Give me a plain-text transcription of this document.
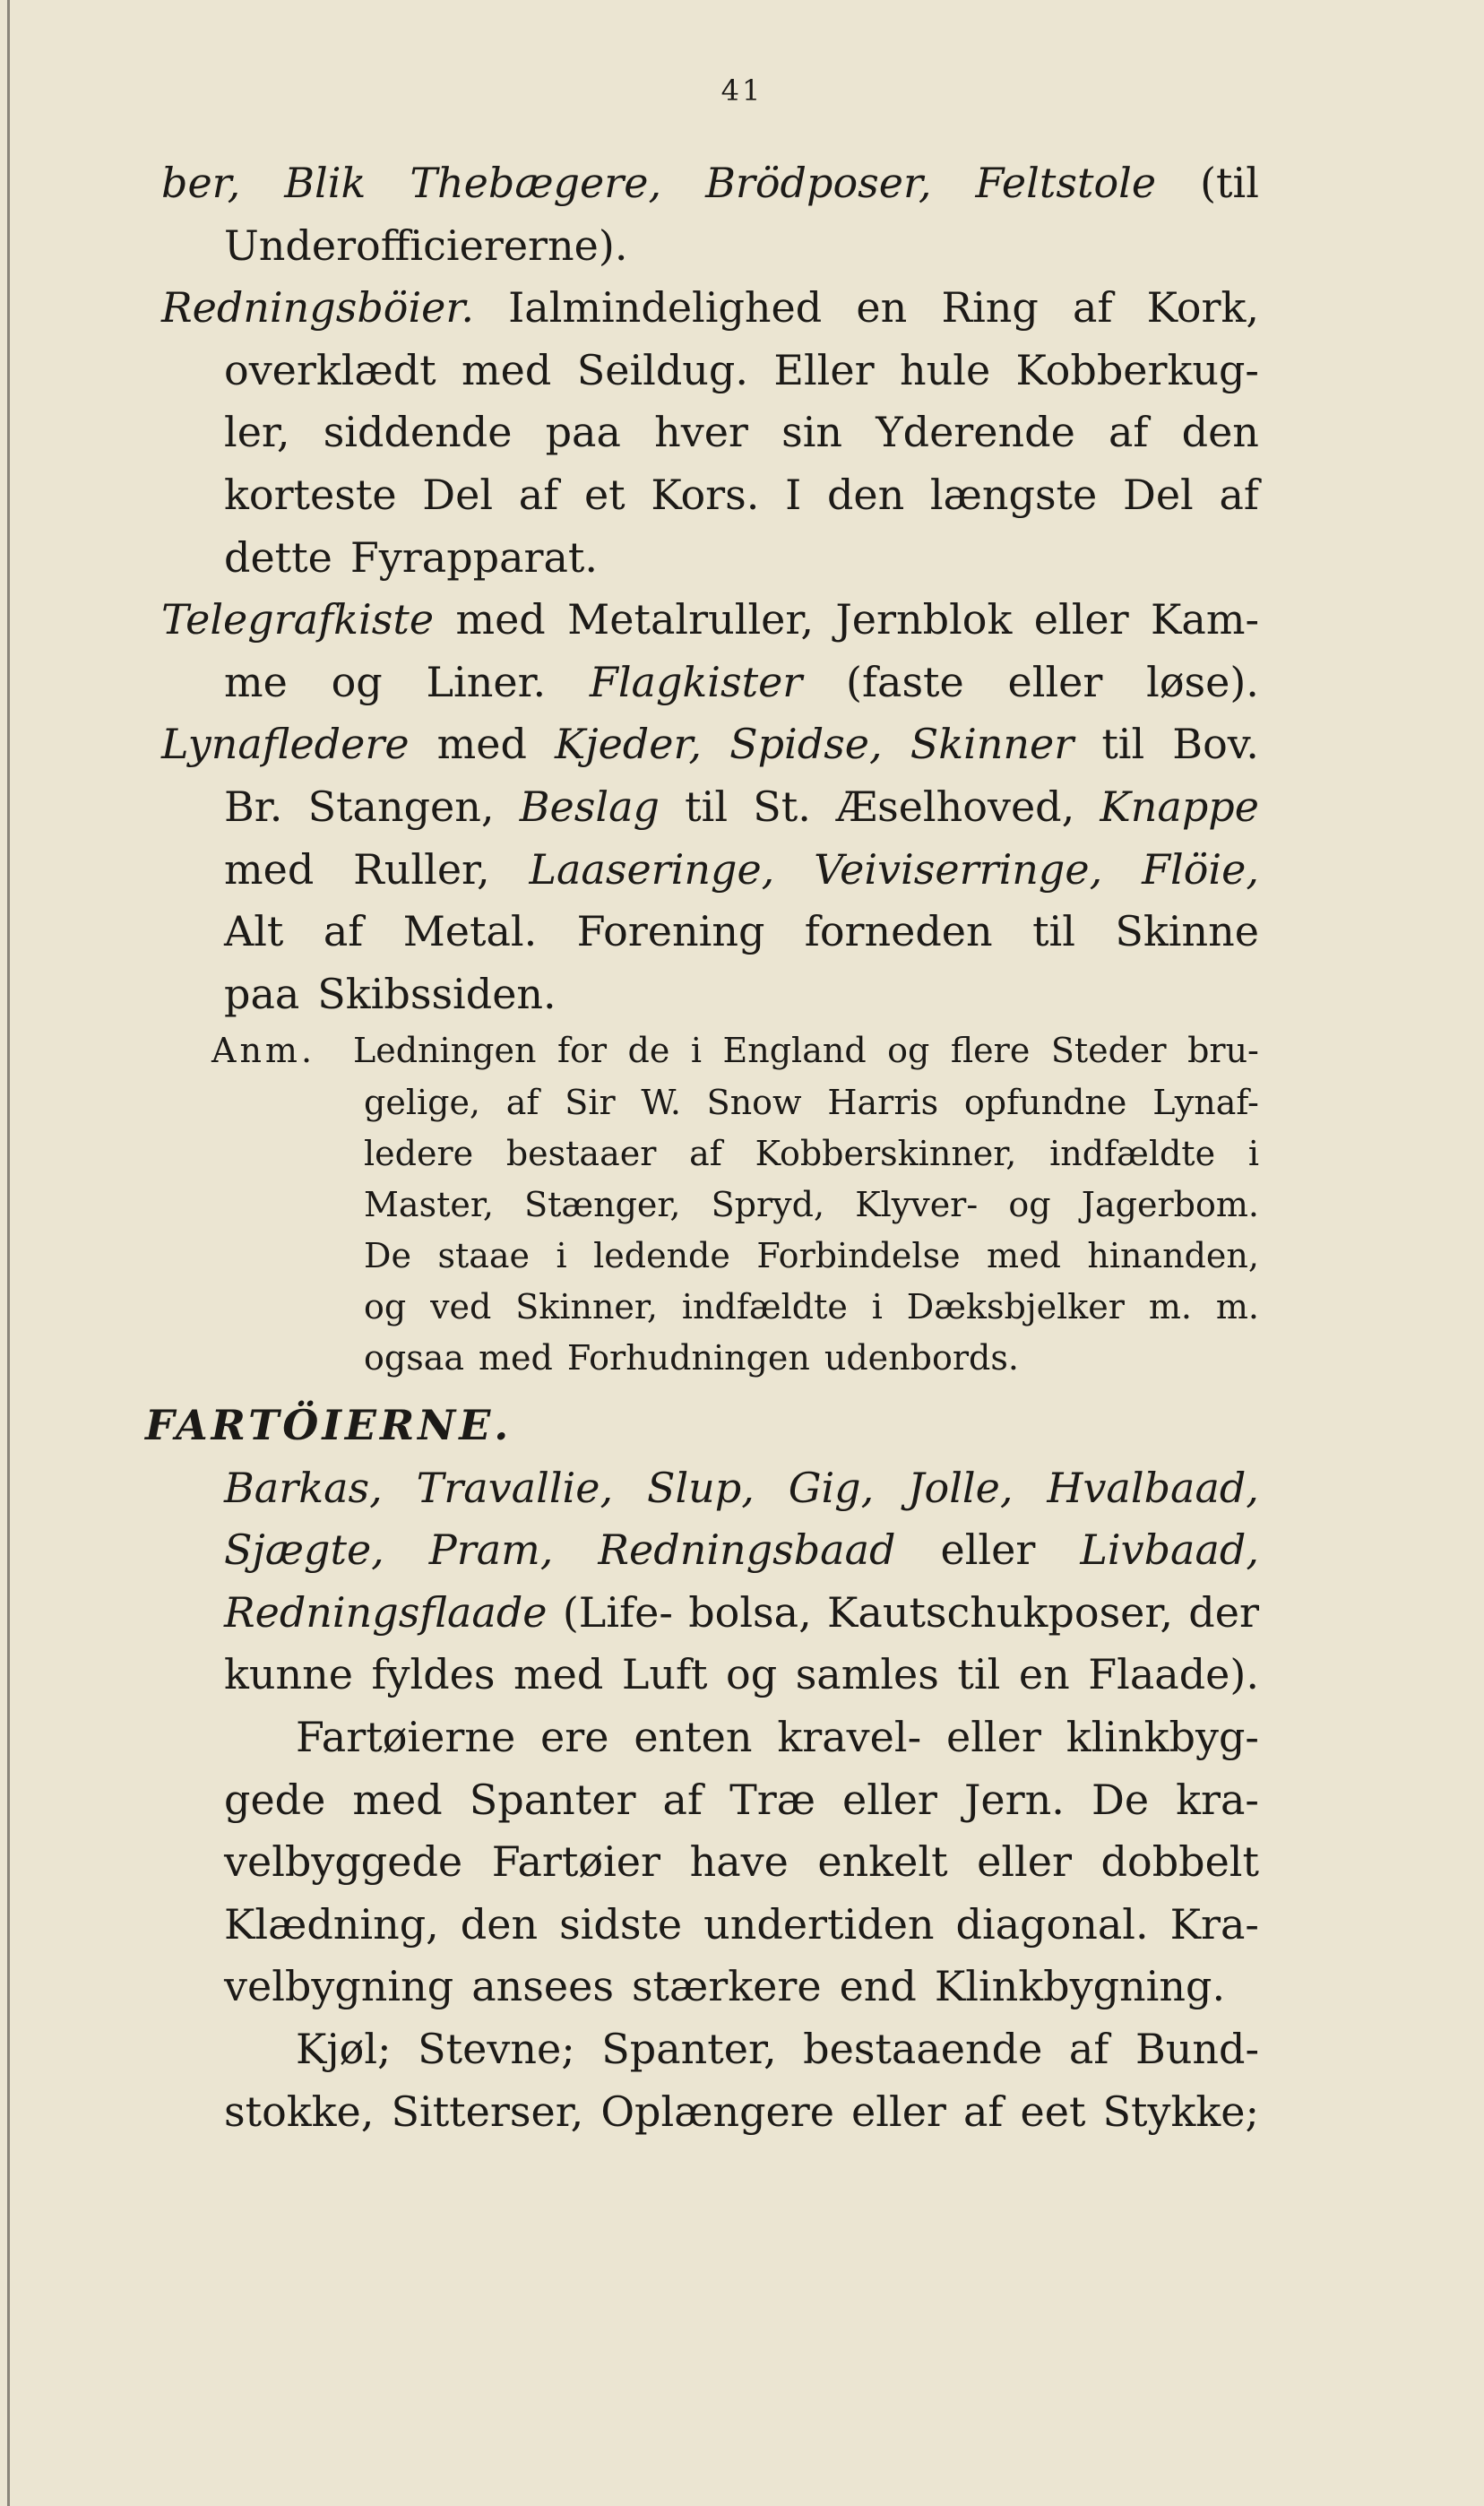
41
ber, Blik Thebægere, Brödposer, Feltstole (til
Underofficiererne).
Redningsböier. Ialmindelighed en Ring af Kork,
overklædt med Seildug. Eller hule Kobberkug-
ler, siddende paa hver sin Yderende af den
korteste Del af et Kors. I den længste Del af
dette Fyrapparat.
Telegrafkiste med Metalruller, Jernblok eller Kam-
me og Liner. Flagkister (faste eller løse).
Lynafledere med Kjeder, Spidse, Skinner til Bov.
Br. Stangen, Beslag til St. Æselhoved, Knappe
med Ruller, Laaseringe, Veiviserringe, Flöie,
Alt af Metal. Forening forneden til Skinne
paa Skibssiden.
Anm. Ledningen for de i England og flere Steder bru-
gelige, af Sir W. Snow Harris opfundne Lynaf-
ledere bestaaer af Kobberskinner, indfældte i
Master, Stænger, Spryd, Klyver- og Jagerbom.
De staae i ledende Forbindelse med hinanden,
og ved Skinner, indfældte i Dæksbjelker m. m.
ogsaa med Forhudningen udenbords.
FARTÖIERNE.
Barkas, Travallie, Slup, Gig, Jolle, Hvalbaad,
Sjægte, Pram, Redningsbaad eller Livbaad,
Redningsflaade (Life- bolsa, Kautschukposer, der
kunne fyldes med Luft og samles til en Flaade).
Fartøierne ere enten kravel- eller klinkbyg-
gede med Spanter af Træ eller Jern. De kra-
velbyggede Fartøier have enkelt eller dobbelt
Klædning, den sidste undertiden diagonal. Kra-
velbygning ansees stærkere end Klinkbygning.
Kjøl; Stevne; Spanter, bestaaende af Bund-
stokke, Sitterser, Oplængere eller af eet Stykke;
